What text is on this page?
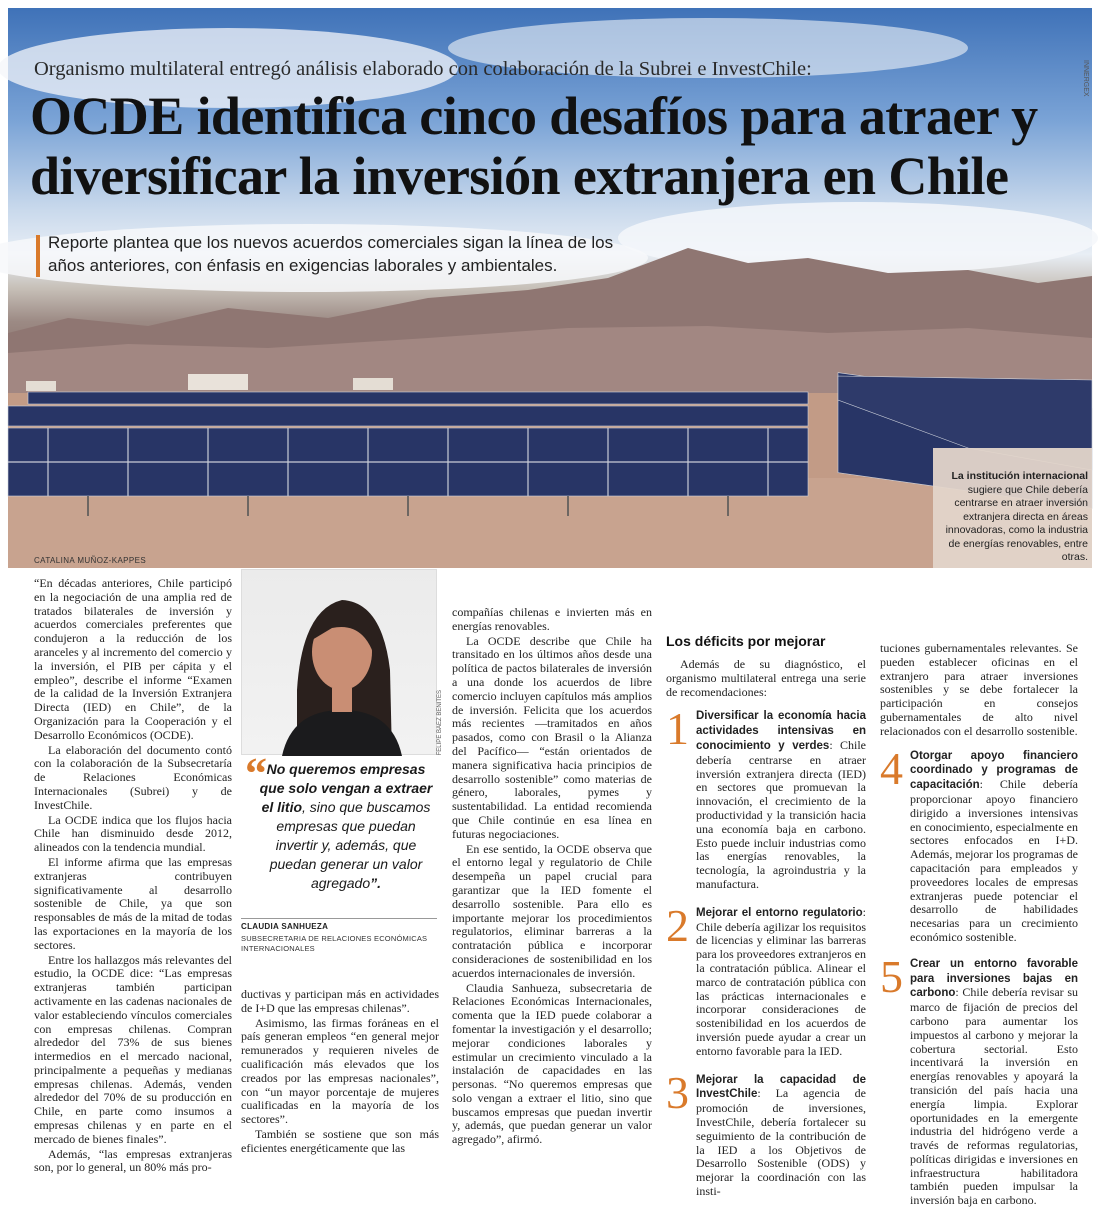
INNERGEX
Organismo multilateral entregó análisis elaborado con colaboración de la Subrei e InvestChile:
OCDE identifica cinco desafíos para atraer y diversificar la inversión extranjera en Chile

Reporte plantea que los nuevos acuerdos comerciales sigan la línea de los años anteriores, con énfasis en exigencias laborales y ambientales.

CATALINA MUÑOZ-KAPPES
La institución internacional sugiere que Chile debería centrarse en atraer inversión extranjera directa en áreas innovadoras, como la industria de energías renovables, entre otras.

“En décadas anteriores, Chile participó en la negociación de una amplia red de tratados bilaterales de inversión y acuerdos comerciales preferentes que condujeron a la reducción de los aranceles y al incremento del comercio y la inversión, el PIB per cápita y el empleo”, describe el informe “Examen de la calidad de la Inversión Extranjera Directa (IED) en Chile”, de la Organización para la Cooperación y el Desarrollo Económicos (OCDE).

La elaboración del documento contó con la colaboración de la Subsecretaría de Relaciones Económicas Internacionales (Subrei) y de InvestChile.

La OCDE indica que los flujos hacia Chile han disminuido desde 2012, alineados con la tendencia mundial.

El informe afirma que las empresas extranjeras contribuyen significativamente al desarrollo sostenible de Chile, ya que son responsables de más de la mitad de todas las exportaciones en la mayoría de los sectores.

Entre los hallazgos más relevantes del estudio, la OCDE dice: “Las empresas extranjeras también participan activamente en las cadenas nacionales de valor estableciendo vínculos comerciales con empresas chilenas. Compran alrededor del 73% de sus bienes intermedios en el mercado nacional, principalmente a pequeñas y medianas empresas chilenas. Además, venden alrededor del 70% de su producción en Chile, en parte como insumos a empresas chilenas y en parte en el mercado de bienes finales”.

Además, “las empresas extranjeras son, por lo general, un 80% más pro-

FELIPE BÁEZ BENITES
“ No queremos empresas que solo vengan a extraer el litio, sino que buscamos empresas que puedan invertir y, además, que puedan generar un valor agregado”.

CLAUDIA SANHUEZA
SUBSECRETARIA DE RELACIONES ECONÓMICAS INTERNACIONALES

ductivas y participan más en actividades de I+D que las empresas chilenas”.

Asimismo, las firmas foráneas en el país generan empleos “en general mejor remunerados y requieren niveles de cualificación más elevados que los creados por las empresas nacionales”, con “un mayor porcentaje de mujeres cualificadas en la mayoría de los sectores”.

También se sostiene que son más eficientes energéticamente que las

compañías chilenas e invierten más en energías renovables.

La OCDE describe que Chile ha transitado en los últimos años desde una política de pactos bilaterales de inversión a una donde los acuerdos de libre comercio incluyen capítulos más amplios de inversión. Felicita que los acuerdos más recientes —tramitados en años pasados, como con Brasil o la Alianza del Pacífico— “están orientados de manera significativa hacia principios de desarrollo sostenible” como materias de género, laborales, pymes y sustentabilidad. La entidad recomienda que Chile continúe en esa línea en futuras negociaciones.

En ese sentido, la OCDE observa que el entorno legal y regulatorio de Chile desempeña un papel crucial para garantizar que la IED fomente el desarrollo sostenible. Para ello es importante mejorar los procedimientos regulatorios, eliminar barreras a la contratación pública e incorporar consideraciones de sostenibilidad en los acuerdos internacionales de inversión.

Claudia Sanhueza, subsecretaria de Relaciones Económicas Internacionales, comenta que la IED puede colaborar a fomentar la investigación y el desarrollo; mejorar condiciones laborales y estimular un crecimiento vinculado a la instalación de capacidades en las personas. “No queremos empresas que solo vengan a extraer el litio, sino que buscamos empresas que puedan invertir y, además, que puedan generar un valor agregado”, afirmó.

Los déficits por mejorar

Además de su diagnóstico, el organismo multilateral entrega una serie de recomendaciones:

1 Diversificar la economía hacia actividades intensivas en conocimiento y verdes: Chile debería centrarse en atraer inversión extranjera directa (IED) en sectores que promuevan la innovación, el crecimiento de la productividad y la transición hacia una economía baja en carbono. Esto puede incluir industrias como las energías renovables, la tecnología, la agroindustria y la manufactura.

2 Mejorar el entorno regulatorio: Chile debería agilizar los requisitos de licencias y eliminar las barreras para los proveedores extranjeros en la contratación pública. Alinear el marco de contratación pública con las prácticas internacionales e incorporar consideraciones de sostenibilidad en los acuerdos de inversión puede ayudar a crear un entorno favorable para la IED.

3 Mejorar la capacidad de InvestChile: La agencia de promoción de inversiones, InvestChile, debería fortalecer su seguimiento de la contribución de la IED a los Objetivos de Desarrollo Sostenible (ODS) y mejorar la coordinación con las insti-

tuciones gubernamentales relevantes. Se pueden establecer oficinas en el extranjero para atraer inversiones sostenibles y se debe fortalecer la participación en consejos gubernamentales de alto nivel relacionados con el desarrollo sostenible.

4 Otorgar apoyo financiero coordinado y programas de capacitación: Chile debería proporcionar apoyo financiero dirigido a inversiones intensivas en conocimiento, especialmente en sectores enfocados en I+D. Además, mejorar los programas de capacitación para empleados y proveedores locales de empresas extranjeras puede potenciar el desarrollo de habilidades necesarias para un crecimiento económico sostenible.

5 Crear un entorno favorable para inversiones bajas en carbono: Chile debería revisar su marco de fijación de precios del carbono para aumentar los impuestos al carbono y mejorar la cobertura sectorial. Esto incentivará la inversión en energías renovables y apoyará la transición del país hacia una energía limpia. Explorar oportunidades en la emergente industria del hidrógeno verde a través de reformas regulatorias, políticas dirigidas e inversiones en infraestructura habilitadora también pueden impulsar la inversión baja en carbono.
